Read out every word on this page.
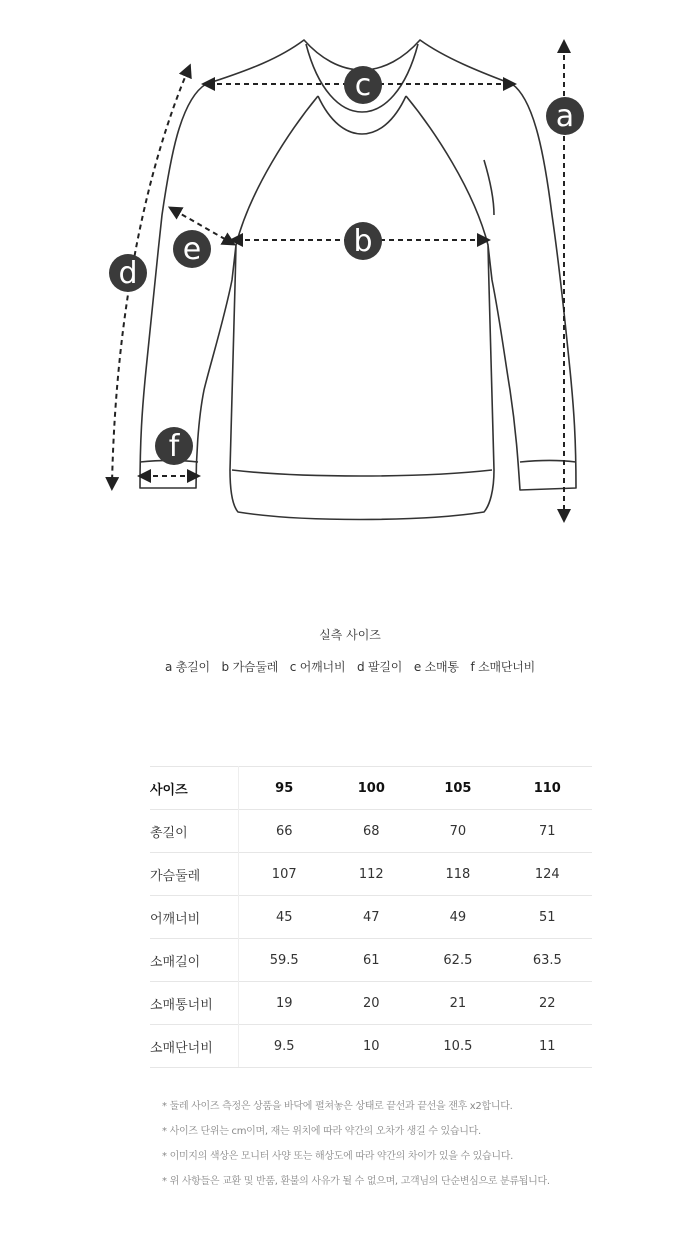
a
b
c
d
e
f
실측 사이즈
a 총길이 b 가슴둘레 c 어깨너비 d 팔길이 e 소매통 f 소매단너비
사이즈	95	100	105	110
총길이	66	68	70	71
가슴둘레	107	112	118	124
어깨너비	45	47	49	51
소매길이	59.5	61	62.5	63.5
소매통너비	19	20	21	22
소매단너비	9.5	10	10.5	11
* 둘레 사이즈 측정은 상품을 바닥에 펼쳐놓은 상태로 끝선과 끝선을 잰후 x2합니다.
* 사이즈 단위는 cm이며, 재는 위치에 따라 약간의 오차가 생길 수 있습니다.
* 이미지의 색상은 모니터 사양 또는 해상도에 따라 약간의 차이가 있을 수 있습니다.
* 위 사항들은 교환 및 반품, 환불의 사유가 될 수 없으며, 고객님의 단순변심으로 분류됩니다.
